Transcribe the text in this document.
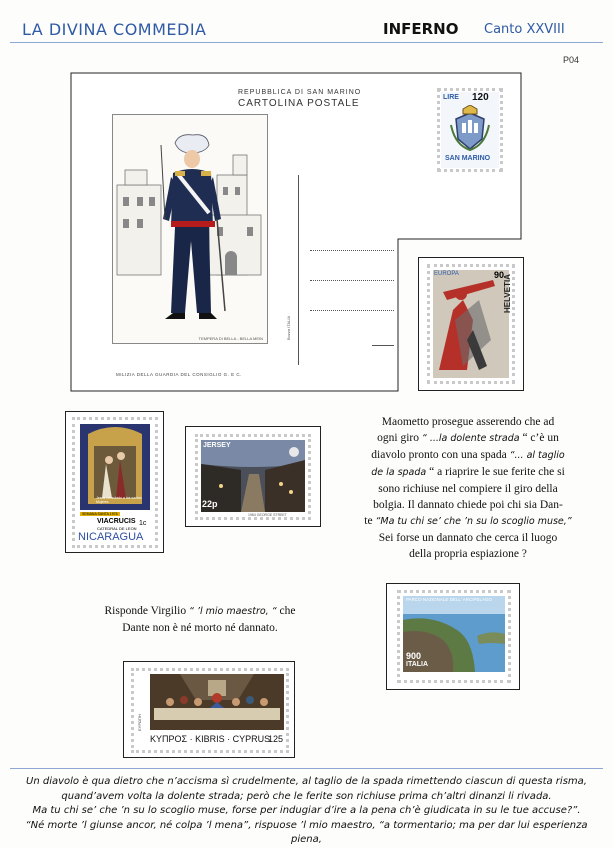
LA DIVINA COMMEDIA	INFERNO Canto XXVIII
P04
REPUBBLICA DI SAN MARINO
CARTOLINA POSTALE
LIRE 120
SAN MARINO
TEMPERA DI BELLA - BELLA MEIN
MILIZIA DELLA GUARDIA DEL CONSIGLIO G. E C.
Bozza ITALIA
EUROPA	90
HELVETIA
Jesus consolado a las santas Mujeres
SEMANA SANTA 1976
VIACRUCIS
CATEDRAL DE LEON
1c
NICARAGUA
JERSEY
22p
1984 GEORGE STREET
Maometto prosegue asserendo che ad
ogni giro “ ...la dolente strada “ c’è un
diavolo pronto con una spada “... al taglio
de la spada “ a riaprire le sue ferite che si
sono richiuse nel compiere il giro della
bolgia. Il dannato chiede poi chi sia Dan-
te “Ma tu chi se’ che ’n su lo scoglio muse,”
Sei forse un dannato che cerca il luogo
della propria espiazione ?
PARCO NAZIONALE DELL' ARCIPELAGO
900
ITALIA
Risponde Virgilio “ ’l mio maestro, “ che
Dante non è né morto né dannato.
ΕΥΡΩΠΗ
ΚΥΠΡΟΣ · KIBRIS · CYPRUS
125
Un diavolo è qua dietro che n’accisma sì crudelmente, al taglio de la spada rimettendo ciascun di questa risma,
quand’avem volta la dolente strada; però che le ferite son richiuse prima ch’altri dinanzi li rivada.
Ma tu chi se’ che ’n su lo scoglio muse, forse per indugiar d’ire a la pena ch’è giudicata in su le tue accuse?”.
“Né morte ’l giunse ancor, né colpa ’l mena”, rispuose ’l mio maestro, “a tormentario; ma per dar lui esperienza piena,
